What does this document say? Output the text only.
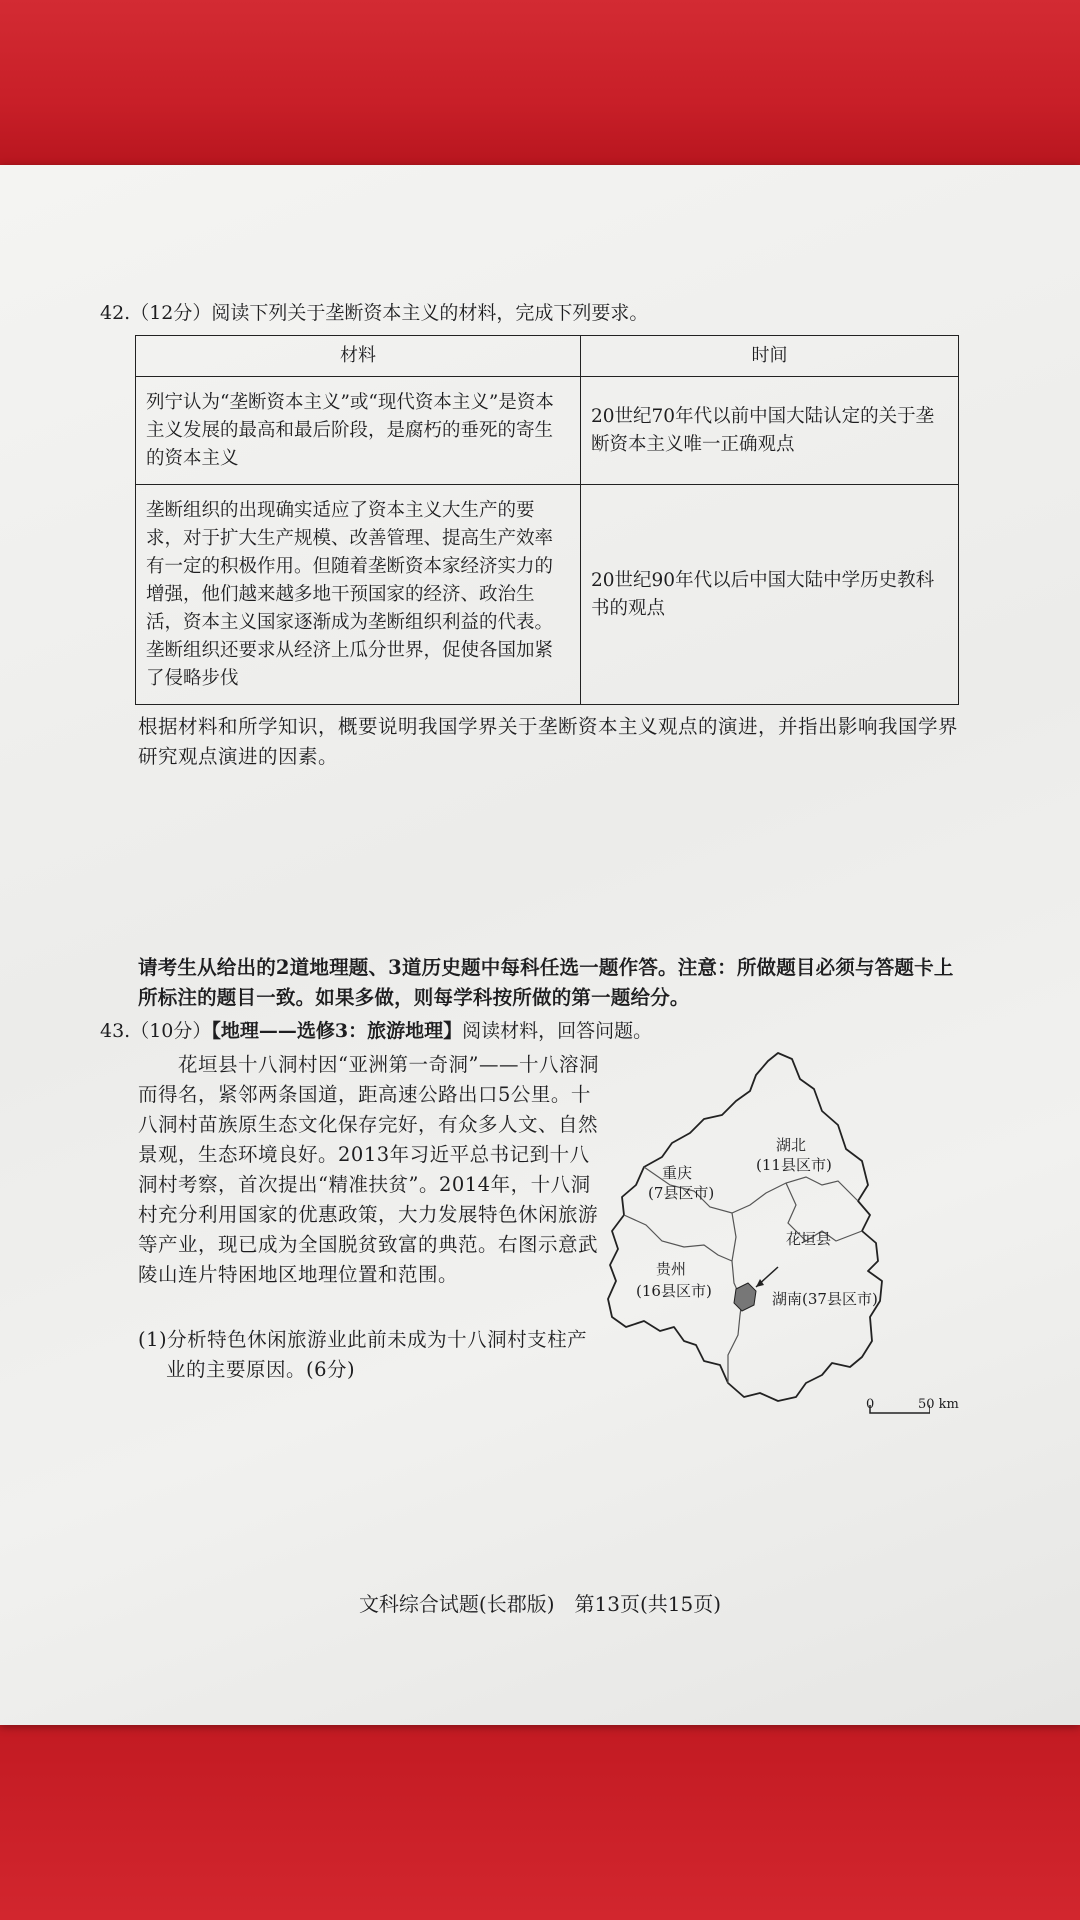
42.（12分）阅读下列关于垄断资本主义的材料，完成下列要求。
材料	时间
列宁认为“垄断资本主义”或“现代资本主义”是资本主义发展的最高和最后阶段，是腐朽的垂死的寄生的资本主义	20世纪70年代以前中国大陆认定的关于垄断资本主义唯一正确观点
垄断组织的出现确实适应了资本主义大生产的要求，对于扩大生产规模、改善管理、提高生产效率有一定的积极作用。但随着垄断资本家经济实力的增强，他们越来越多地干预国家的经济、政治生活，资本主义国家逐渐成为垄断组织利益的代表。垄断组织还要求从经济上瓜分世界，促使各国加紧了侵略步伐	20世纪90年代以后中国大陆中学历史教科书的观点
根据材料和所学知识，概要说明我国学界关于垄断资本主义观点的演进，并指出影响我国学界研究观点演进的因素。
请考生从给出的2道地理题、3道历史题中每科任选一题作答。注意：所做题目必须与答题卡上所标注的题目一致。如果多做，则每学科按所做的第一题给分。
43.（10分）【地理——选修3：旅游地理】阅读材料，回答问题。
花垣县十八洞村因“亚洲第一奇洞”——十八溶洞而得名，紧邻两条国道，距高速公路出口5公里。十八洞村苗族原生态文化保存完好，有众多人文、自然景观，生态环境良好。2013年习近平总书记到十八洞村考察，首次提出“精准扶贫”。2014年，十八洞村充分利用国家的优惠政策，大力发展特色休闲旅游等产业，现已成为全国脱贫致富的典范。右图示意武陵山连片特困地区地理位置和范围。
(1)分析特色休闲旅游业此前未成为十八洞村支柱产业的主要原因。(6分)
湖北
(11县区市)
重庆
(7县区市)
花垣县
贵州
(16县区市)	湖南(37县区市)
0	50 km
文科综合试题(长郡版)　第13页(共15页)
